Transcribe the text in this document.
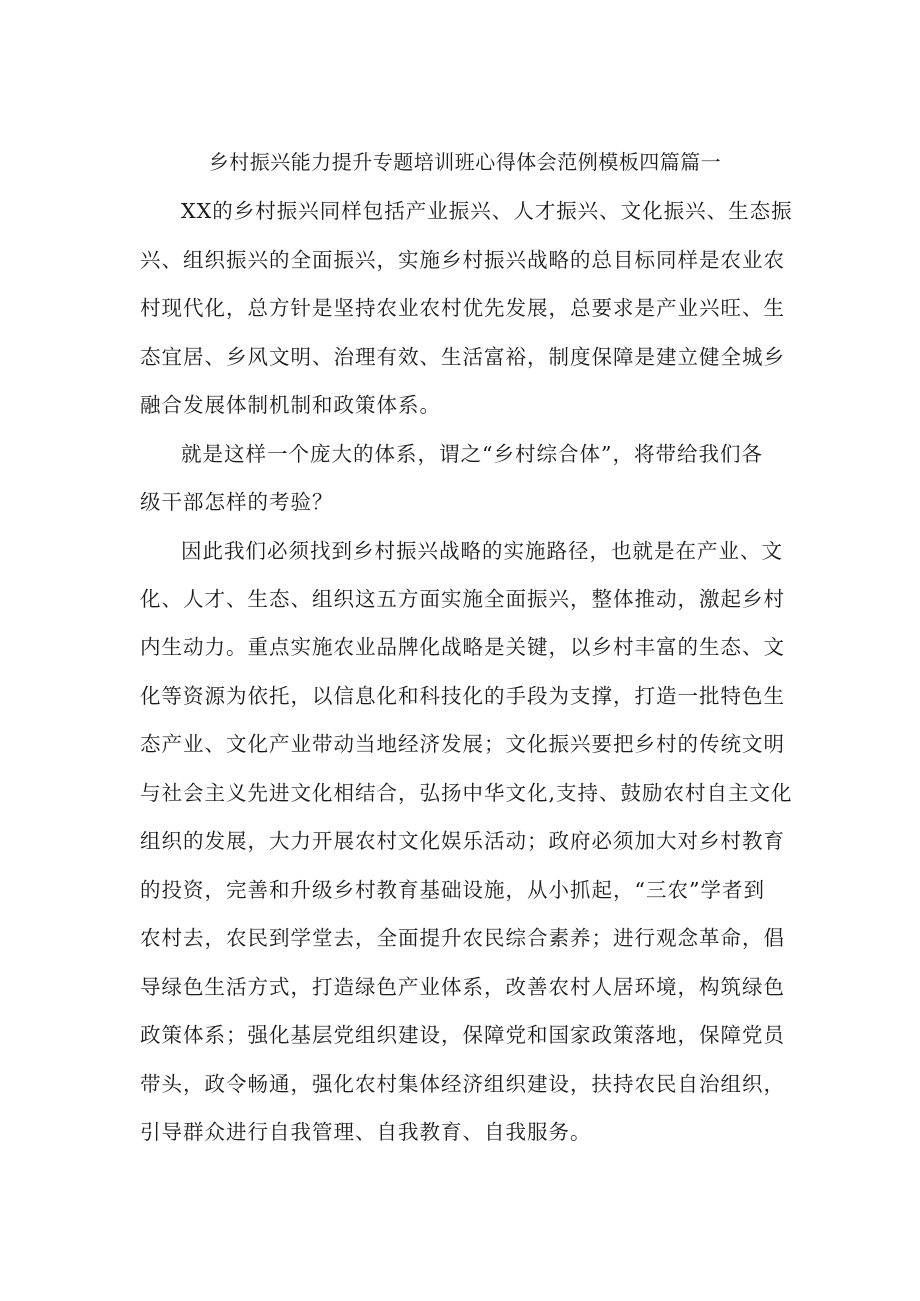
乡村振兴能力提升专题培训班心得体会范例模板四篇篇一
XX的乡村振兴同样包括产业振兴、人才振兴、文化振兴、生态振
兴、组织振兴的全面振兴，实施乡村振兴战略的总目标同样是农业农
村现代化，总方针是坚持农业农村优先发展，总要求是产业兴旺、生
态宜居、乡风文明、治理有效、生活富裕，制度保障是建立健全城乡
融合发展体制机制和政策体系。
就是这样一个庞大的体系，谓之“乡村综合体”，将带给我们各
级干部怎样的考验？
因此我们必须找到乡村振兴战略的实施路径，也就是在产业、文
化、人才、生态、组织这五方面实施全面振兴，整体推动，激起乡村
内生动力。重点实施农业品牌化战略是关键，以乡村丰富的生态、文
化等资源为依托，以信息化和科技化的手段为支撑，打造一批特色生
态产业、文化产业带动当地经济发展；文化振兴要把乡村的传统文明
与社会主义先进文化相结合，弘扬中华文化,支持、鼓励农村自主文化
组织的发展，大力开展农村文化娱乐活动；政府必须加大对乡村教育
的投资，完善和升级乡村教育基础设施，从小抓起，“三农”学者到
农村去，农民到学堂去，全面提升农民综合素养；进行观念革命，倡
导绿色生活方式，打造绿色产业体系，改善农村人居环境，构筑绿色
政策体系；强化基层党组织建设，保障党和国家政策落地，保障党员
带头，政令畅通，强化农村集体经济组织建设，扶持农民自治组织，
引导群众进行自我管理、自我教育、自我服务。
